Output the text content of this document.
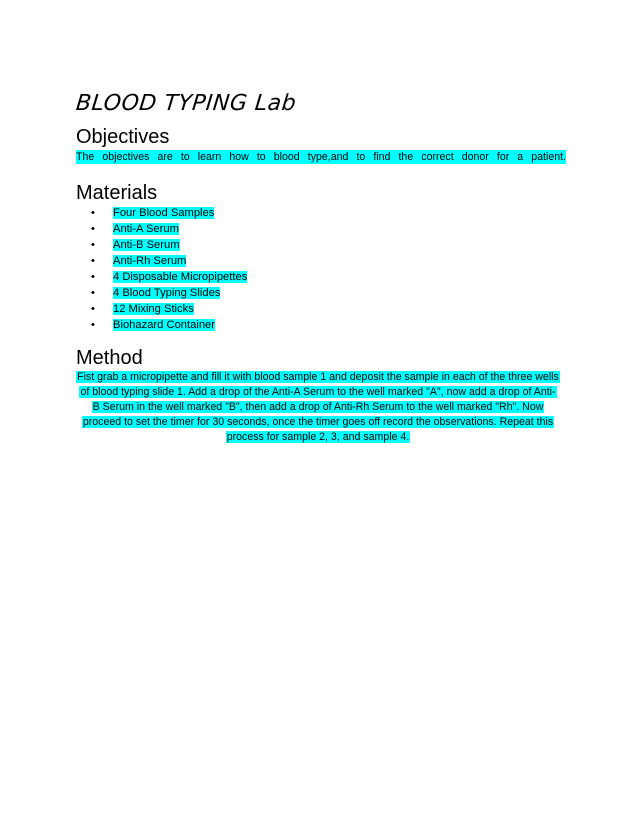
BLOOD TYPING Lab
Objectives
The objectives are to learn how to blood type,and to find the correct donor for a patient.
Materials
• Four Blood Samples
• Anti-A Serum
• Anti-B Serum
• Anti-Rh Serum
• 4 Disposable Micropipettes
• 4 Blood Typing Slides
• 12 Mixing Sticks
• Biohazard Container
Method
Fist grab a micropipette and fill it with blood sample 1 and deposit the sample in each of the three wells
of blood typing slide 1. Add a drop of the Anti-A Serum to the well marked "A", now add a drop of Anti-
B Serum in the well marked "B", then add a drop of Anti-Rh Serum to the well marked "Rh". Now
proceed to set the timer for 30 seconds, once the timer goes off record the observations. Repeat this
process for sample 2, 3, and sample 4.
